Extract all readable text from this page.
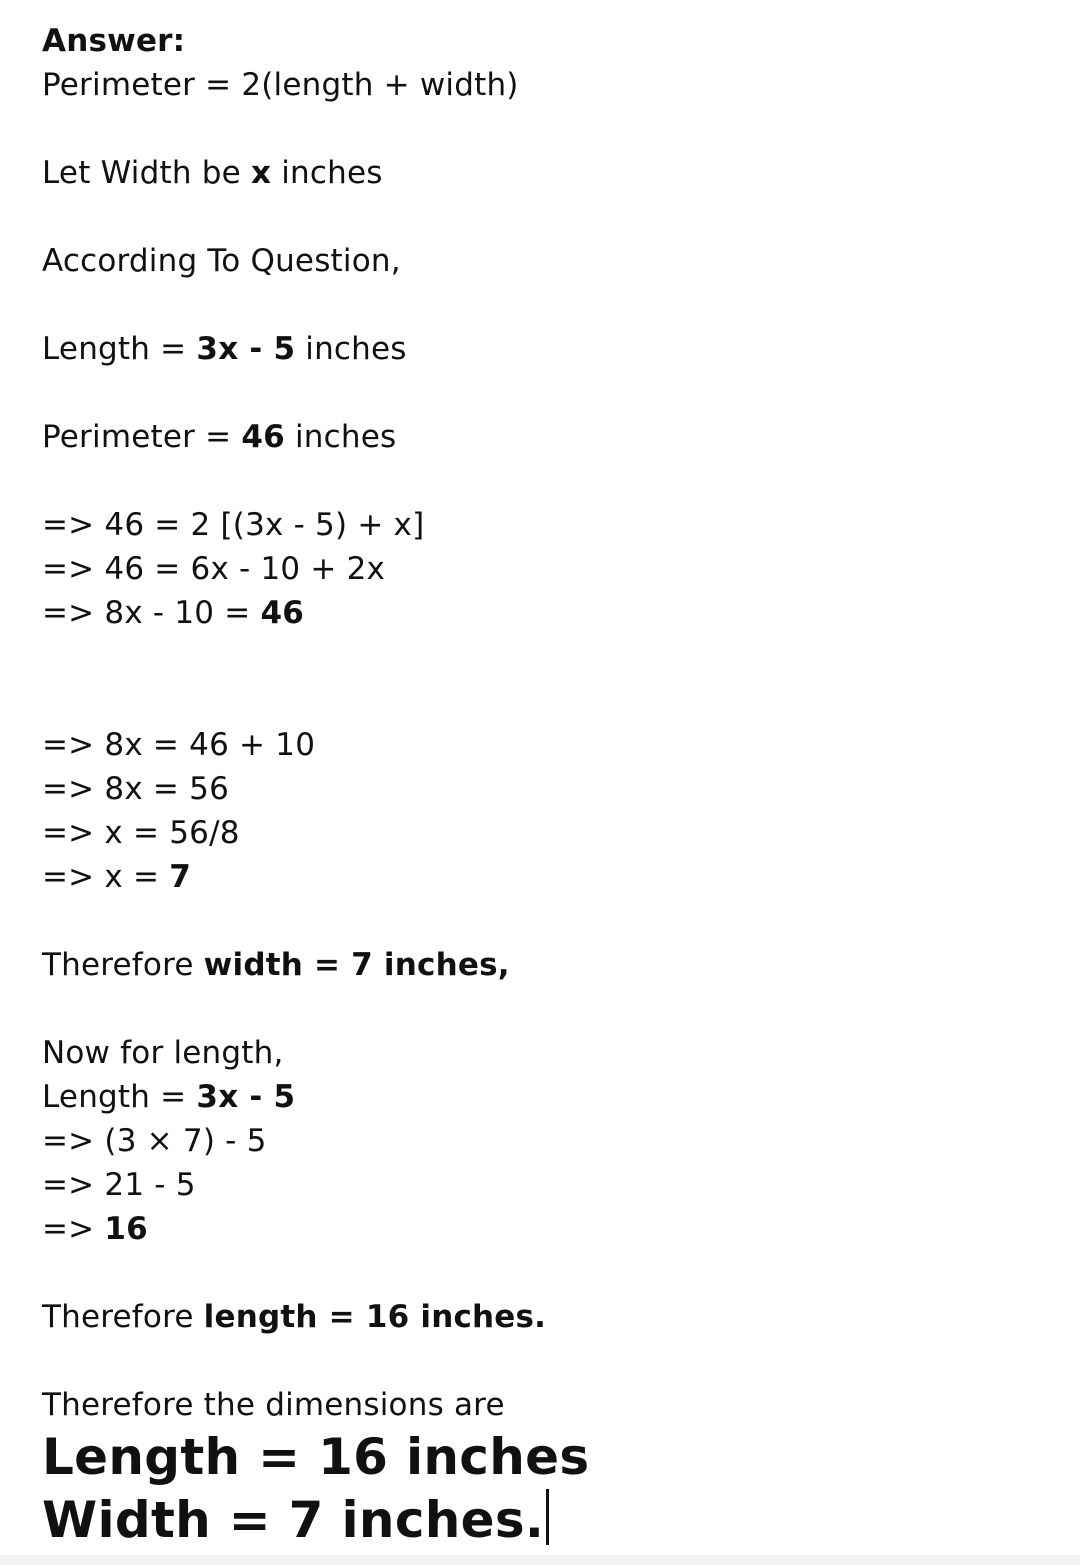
Answer:
Perimeter = 2(length + width)
Let Width be x inches
According To Question,
Length = 3x - 5 inches
Perimeter = 46 inches
=> 46 = 2 [(3x - 5) + x]
=> 46 = 6x - 10 + 2x
=> 8x - 10 = 46
=> 8x = 46 + 10
=> 8x = 56
=> x = 56/8
=> x = 7
Therefore width = 7 inches,
Now for length,
Length = 3x - 5
=> (3 × 7) - 5
=> 21 - 5
=> 16
Therefore length = 16 inches.
Therefore the dimensions are
Length = 16 inches
Width = 7 inches.
